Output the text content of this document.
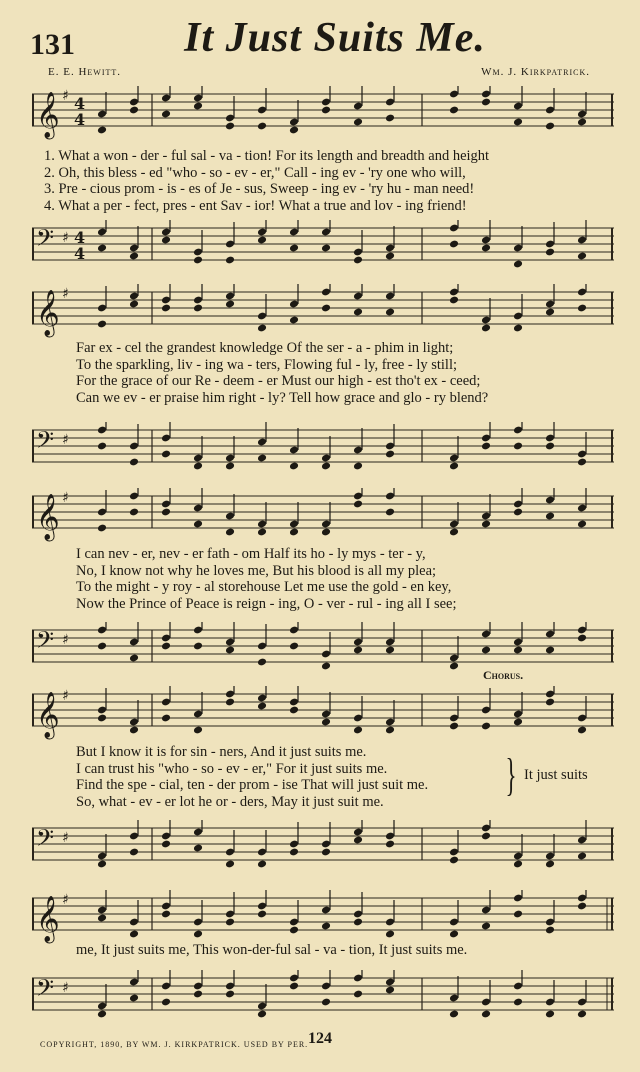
131	It Just Suits Me.
E. E. Hewitt.	Wm. J. Kirkpatrick.
𝄞 ♯ 4
4
1. What a won - der - ful sal - va - tion! For its length and breadth and height
2. Oh, this bless - ed "who - so - ev - er," Call - ing ev - 'ry one who will,
3. Pre - cious prom - is - es of Je - sus, Sweep - ing ev - 'ry hu - man need!
4. What a per - fect, pres - ent Sav - ior! What a true and lov - ing friend!
𝄢 ♯ 4
4
𝄞 ♯
Far ex - cel the grandest knowledge Of the ser - a - phim in light;
To the sparkling, liv - ing wa - ters, Flowing ful - ly, free - ly still;
For the grace of our Re - deem - er Must our high - est tho't ex - ceed;
Can we ev - er praise him right - ly? Tell how grace and glo - ry blend?
𝄢 ♯
𝄞 ♯
I can nev - er, nev - er fath - om Half its ho - ly mys - ter - y,
No, I know not why he loves me, But his blood is all my plea;
To the might - y roy - al storehouse Let me use the gold - en key,
Now the Prince of Peace is reign - ing, O - ver - rul - ing all I see;
𝄢 ♯
Chorus.
𝄞 ♯
But I know it is for sin - ners, And it just suits me.
I can trust his "who - so - ev - er," For it just suits me.
Find the spe - cial, ten - der prom - ise That will just suit me.
So, what - ev - er lot he or - ders, May it just suit me.
𝄢 ♯
} It just suits
𝄞 ♯
me, It just suits me, This won-der-ful sal - va - tion, It just suits me.
𝄢 ♯
COPYRIGHT, 1890, BY WM. J. KIRKPATRICK. USED BY PER. 124
